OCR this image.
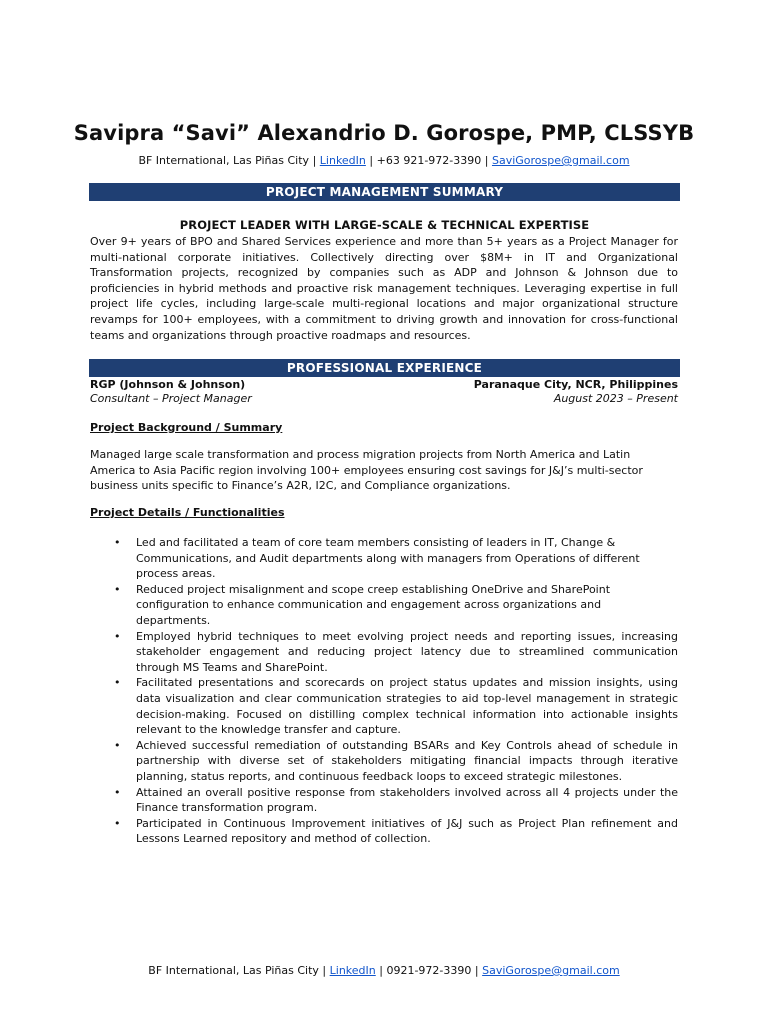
Savipra “Savi” Alexandrio D. Gorospe, PMP, CLSSYB
BF International, Las Piñas City | LinkedIn | +63 921-972-3390 | SaviGorospe@gmail.com
PROJECT MANAGEMENT SUMMARY
PROJECT LEADER WITH LARGE-SCALE & TECHNICAL EXPERTISE
Over 9+ years of BPO and Shared Services experience and more than 5+ years as a Project Manager for multi-national corporate initiatives. Collectively directing over $8M+ in IT and Organizational Transformation projects, recognized by companies such as ADP and Johnson & Johnson due to proficiencies in hybrid methods and proactive risk management techniques. Leveraging expertise in full project life cycles, including large-scale multi-regional locations and major organizational structure revamps for 100+ employees, with a commitment to driving growth and innovation for cross-functional teams and organizations through proactive roadmaps and resources.
PROFESSIONAL EXPERIENCE
RGP (Johnson & Johnson)
Consultant – Project Manager
Paranaque City, NCR, Philippines
August 2023 – Present
Project Background / Summary
Managed large scale transformation and process migration projects from North America and Latin America to Asia Pacific region involving 100+ employees ensuring cost savings for J&J’s multi-sector business units specific to Finance’s A2R, I2C, and Compliance organizations.
Project Details / Functionalities
• Led and facilitated a team of core team members consisting of leaders in IT, Change & Communications, and Audit departments along with managers from Operations of different process areas.
• Reduced project misalignment and scope creep establishing OneDrive and SharePoint configuration to enhance communication and engagement across organizations and departments.
• Employed hybrid techniques to meet evolving project needs and reporting issues, increasing stakeholder engagement and reducing project latency due to streamlined communication through MS Teams and SharePoint.
• Facilitated presentations and scorecards on project status updates and mission insights, using data visualization and clear communication strategies to aid top-level management in strategic decision-making. Focused on distilling complex technical information into actionable insights relevant to the knowledge transfer and capture.
• Achieved successful remediation of outstanding BSARs and Key Controls ahead of schedule in partnership with diverse set of stakeholders mitigating financial impacts through iterative planning, status reports, and continuous feedback loops to exceed strategic milestones.
• Attained an overall positive response from stakeholders involved across all 4 projects under the Finance transformation program.
• Participated in Continuous Improvement initiatives of J&J such as Project Plan refinement and Lessons Learned repository and method of collection.
BF International, Las Piñas City | LinkedIn | 0921-972-3390 | SaviGorospe@gmail.com
